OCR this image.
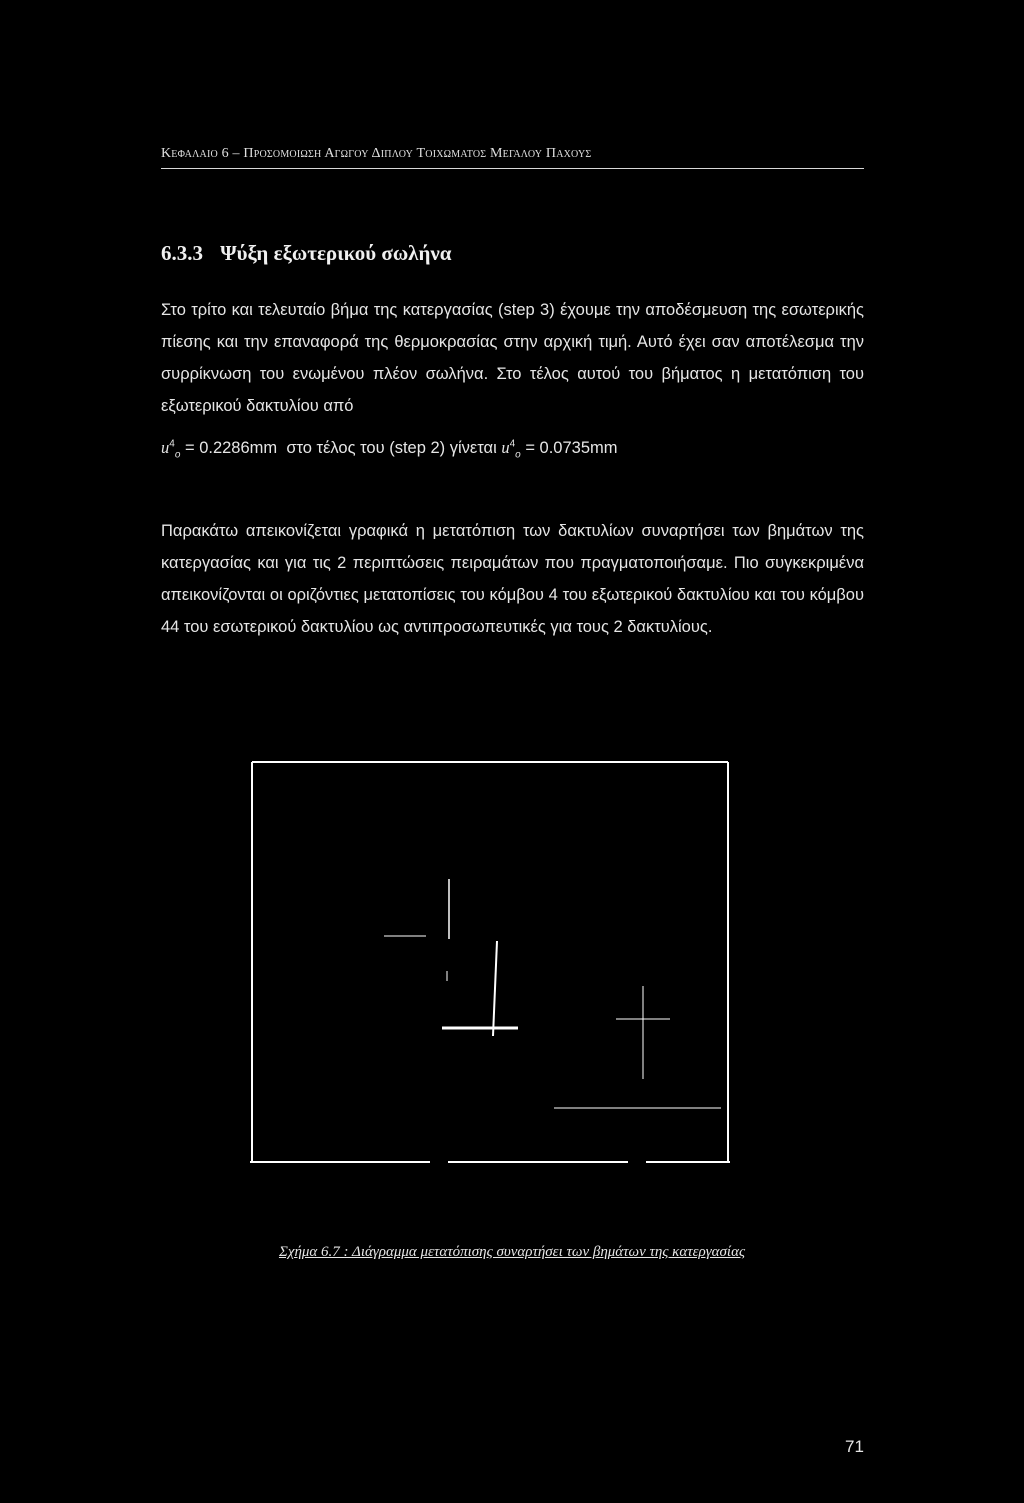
Κεφαλαιο 6 – Προσομοιωση Αγωγου Διπλου Τοιχωματος Μεγαλου Παχους
6.3.3 Ψύξη εξωτερικού σωλήνα
Στο τρίτο και τελευταίο βήμα της κατεργασίας (step 3) έχουμε την αποδέσμευση της εσωτερικής πίεσης και την επαναφορά της θερμοκρασίας στην αρχική τιμή. Αυτό έχει σαν αποτέλεσμα την συρρίκνωση του ενωμένου πλέον σωλήνα. Στο τέλος αυτού του βήματος η μετατόπιση του εξωτερικού δακτυλίου από
$u^4_o = 0.2286mm$ στο τέλος του (step 2) γίνεται $u^4_o = 0.0735mm$
Παρακάτω απεικονίζεται γραφικά η μετατόπιση των δακτυλίων συναρτήσει των βημάτων της κατεργασίας και για τις 2 περιπτώσεις πειραμάτων που πραγματοποιήσαμε. Πιο συγκεκριμένα απεικονίζονται οι οριζόντιες μετατοπίσεις του κόμβου 4 του εξωτερικού δακτυλίου και του κόμβου 44 του εσωτερικού δακτυλίου ως αντιπροσωπευτικές για τους 2 δακτυλίους.
Σχήμα 6.7 : Διάγραμμα μετατόπισης συναρτήσει των βημάτων της κατεργασίας
71
